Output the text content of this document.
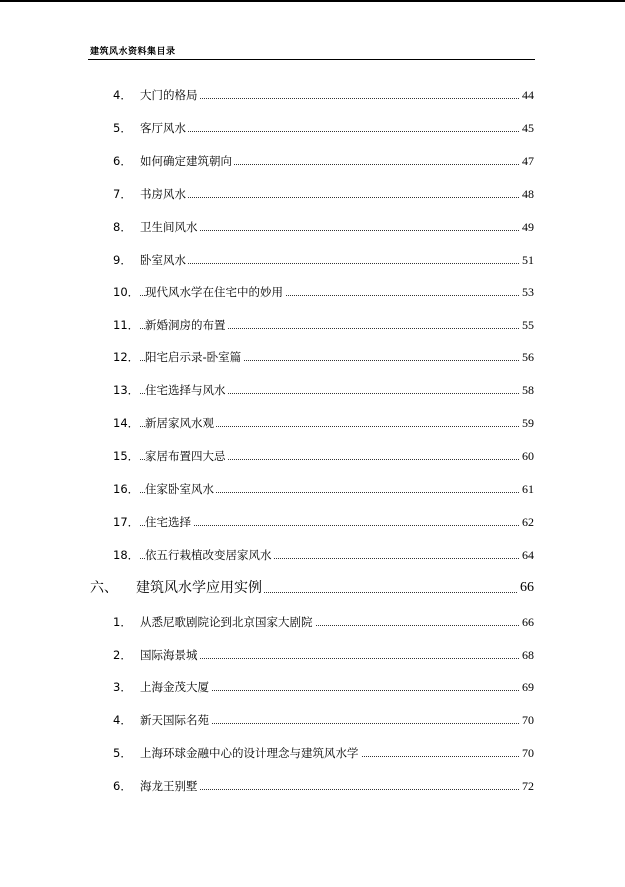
建筑风水资料集目录
4． 大门的格局	44
5． 客厅风水	45
6． 如何确定建筑朝向	47
7． 书房风水	48
8． 卫生间风水	49
9． 卧室风水	51
10． 现代风水学在住宅中的妙用	53
11． 新婚洞房的布置	55
12． 阳宅启示录-卧室篇	56
13． 住宅选择与风水	58
14． 新居家风水观	59
15． 家居布置四大忌	60
16． 住家卧室风水	61
17． 住宅选择	62
18． 依五行栽植改变居家风水	64
六、 建筑风水学应用实例	66
1． 从悉尼歌剧院论到北京国家大剧院	66
2． 国际海景城	68
3． 上海金茂大厦	69
4． 新天国际名苑	70
5． 上海环球金融中心的设计理念与建筑风水学	70
6． 海龙王别墅	72
